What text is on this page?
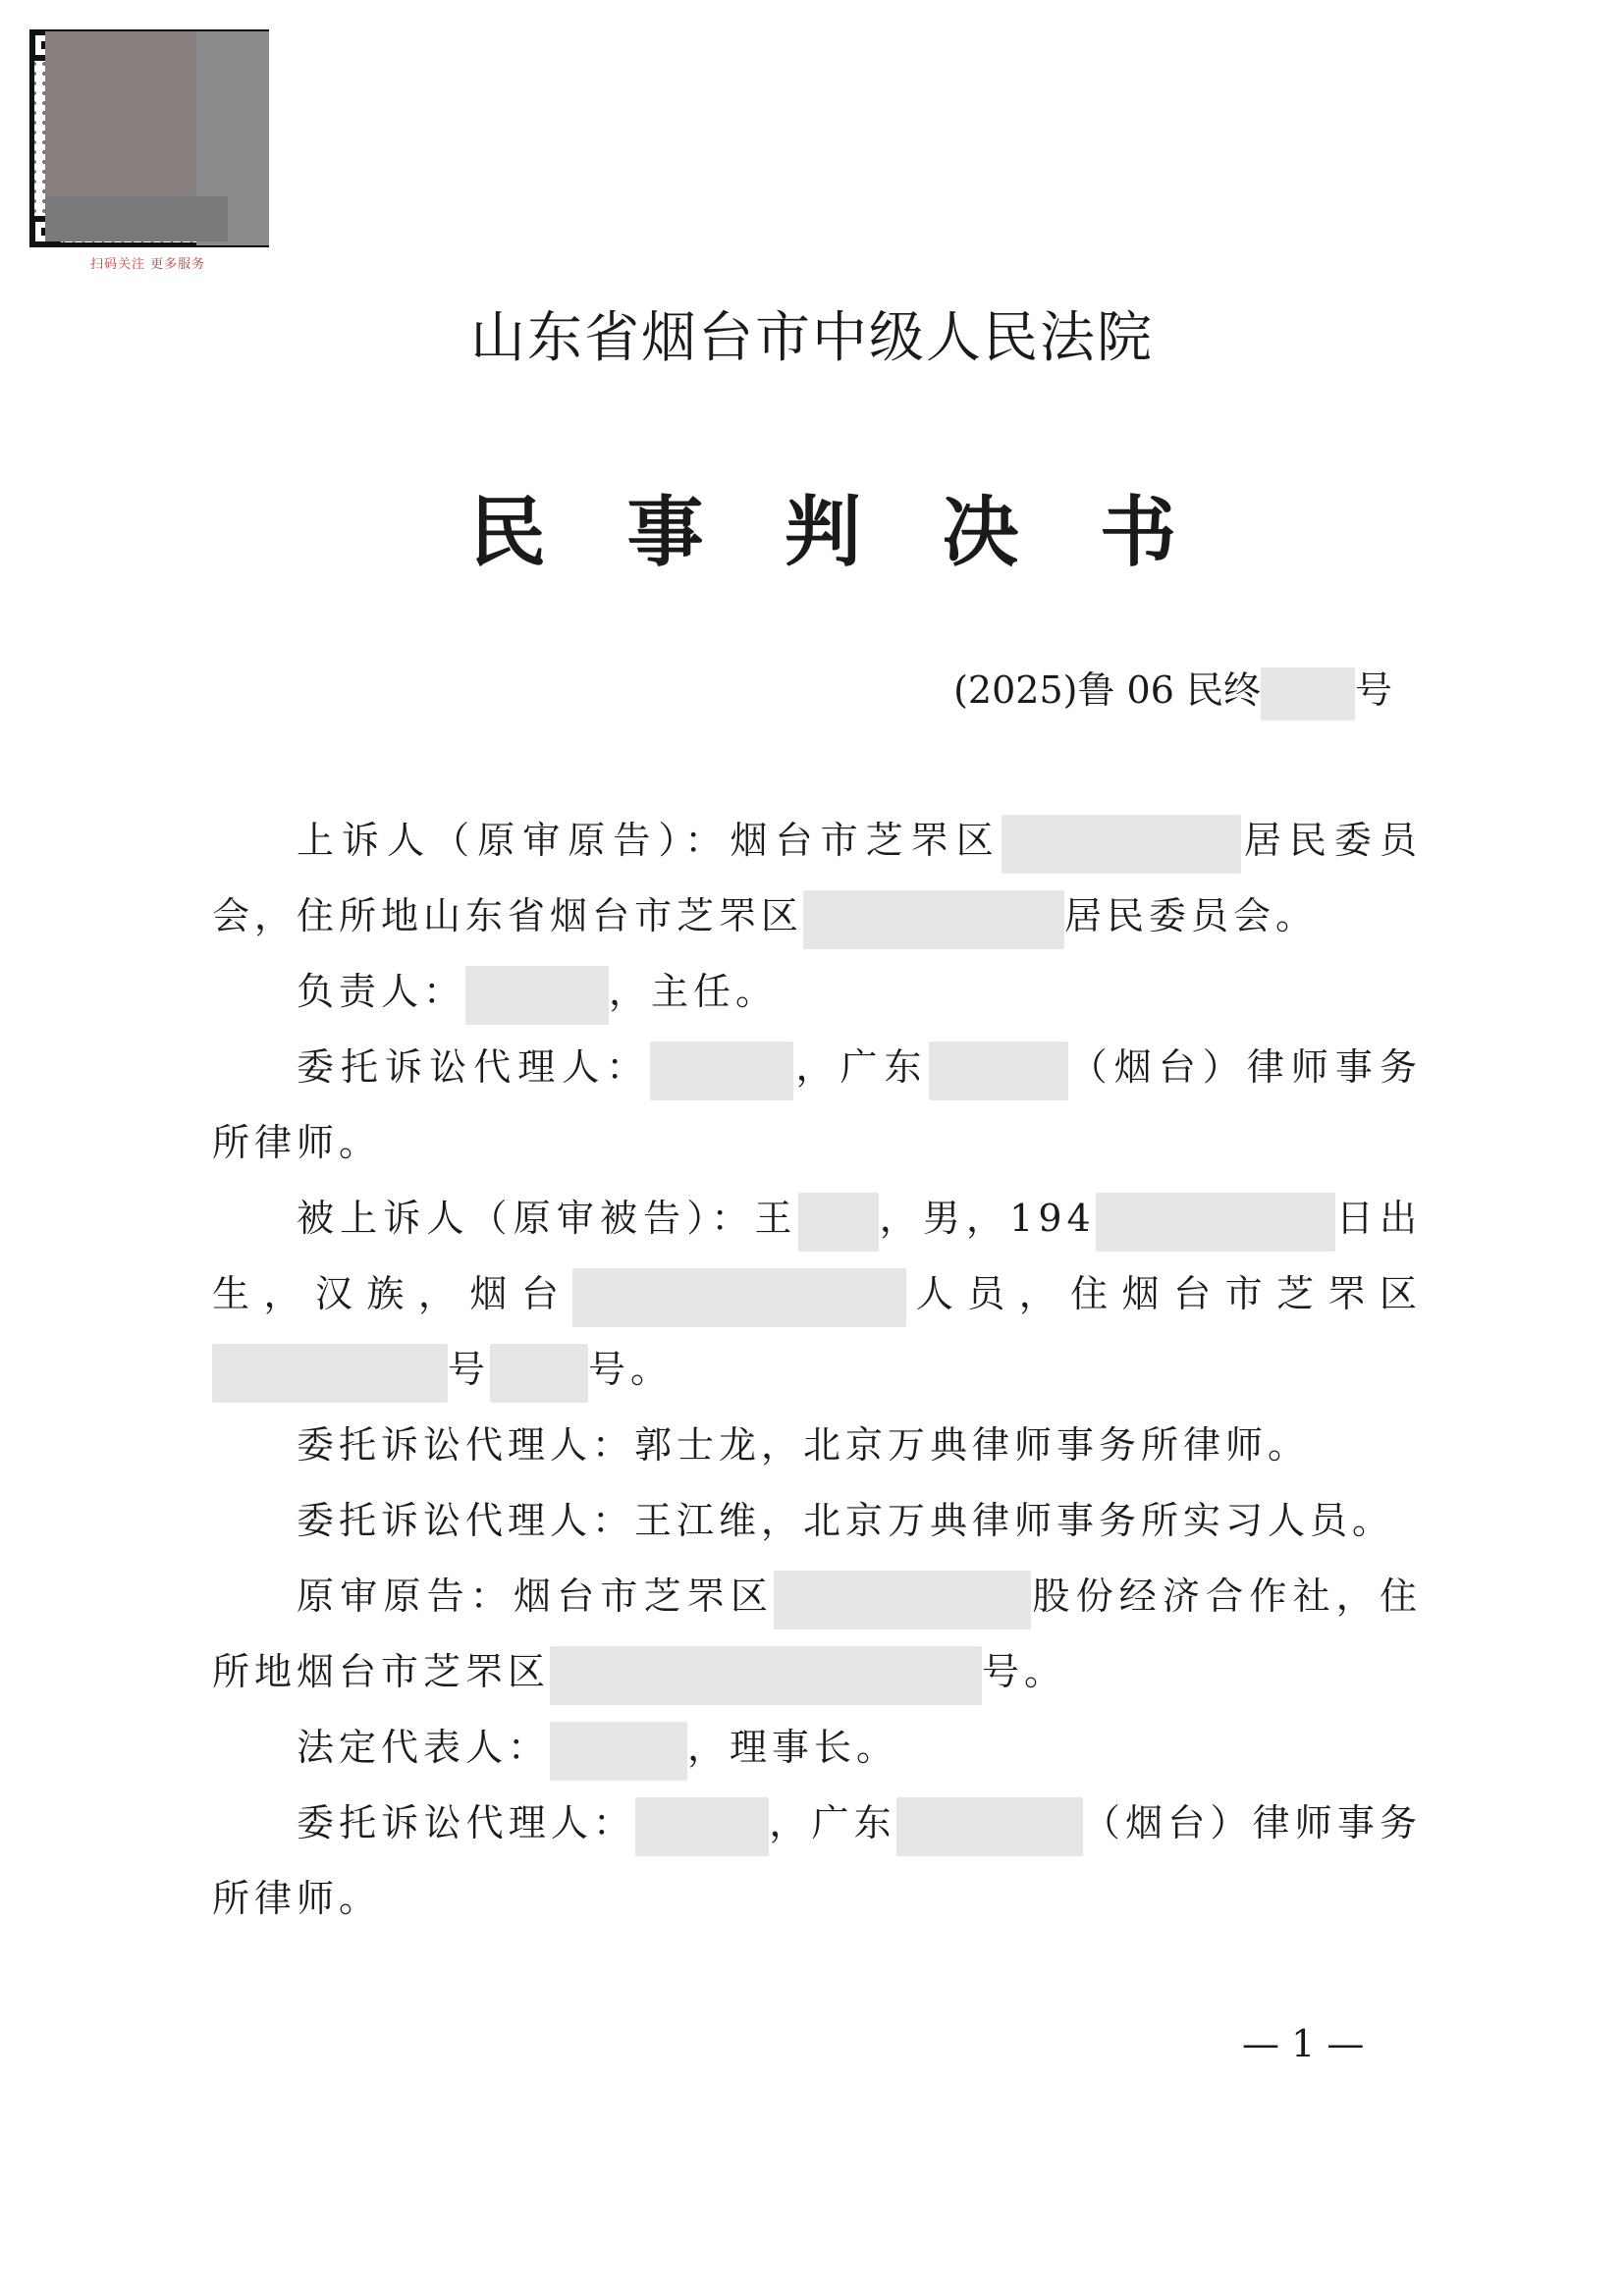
扫码关注 更多服务
山东省烟台市中级人民法院
民 事 判 决 书
(2025)鲁 06 民终	号
上诉人（原审原告）：烟台市芝罘区	居民委员会，住所地山东省烟台市芝罘区	居民委员会。
负责人：	，主任。
委托诉讼代理人：	，广东	（烟台）律师事务所律师。
被上诉人（原审被告）：王 ，男，194	日出生，汉族，烟台	人员，住烟台市芝罘区号	号。
委托诉讼代理人：郭士龙，北京万典律师事务所律师。
委托诉讼代理人：王江维，北京万典律师事务所实习人员。
原审原告：烟台市芝罘区	股份经济合作社，住所地烟台市芝罘区	号。
法定代表人：	，理事长。
委托诉讼代理人：	，广东	（烟台）律师事务所律师。
— 1 —
